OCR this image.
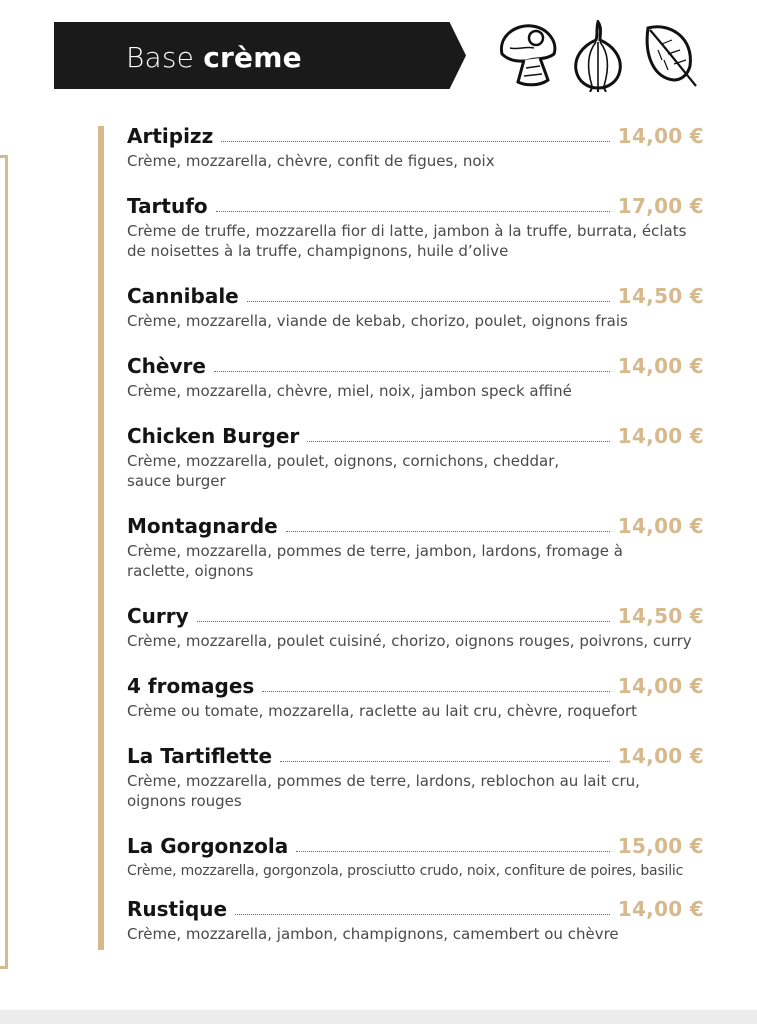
Base crème
Artipizz	14,00 €
Crème, mozzarella, chèvre, confit de figues, noix
Tartufo	17,00 €
Crème de truffe, mozzarella fior di latte, jambon à la truffe, burrata, éclats de noisettes à la truffe, champignons, huile d’olive
Cannibale	14,50 €
Crème, mozzarella, viande de kebab, chorizo, poulet, oignons frais
Chèvre	14,00 €
Crème, mozzarella, chèvre, miel, noix, jambon speck affiné
Chicken Burger	14,00 €
Crème, mozzarella, poulet, oignons, cornichons, cheddar, sauce burger
Montagnarde	14,00 €
Crème, mozzarella, pommes de terre, jambon, lardons, fromage à raclette, oignons
Curry	14,50 €
Crème, mozzarella, poulet cuisiné, chorizo, oignons rouges, poivrons, curry
4 fromages	14,00 €
Crème ou tomate, mozzarella, raclette au lait cru, chèvre, roquefort
La Tartiflette	14,00 €
Crème, mozzarella, pommes de terre, lardons, reblochon au lait cru, oignons rouges
La Gorgonzola	15,00 €
Crème, mozzarella, gorgonzola, prosciutto crudo, noix, confiture de poires, basilic
Rustique	14,00 €
Crème, mozzarella, jambon, champignons, camembert ou chèvre
